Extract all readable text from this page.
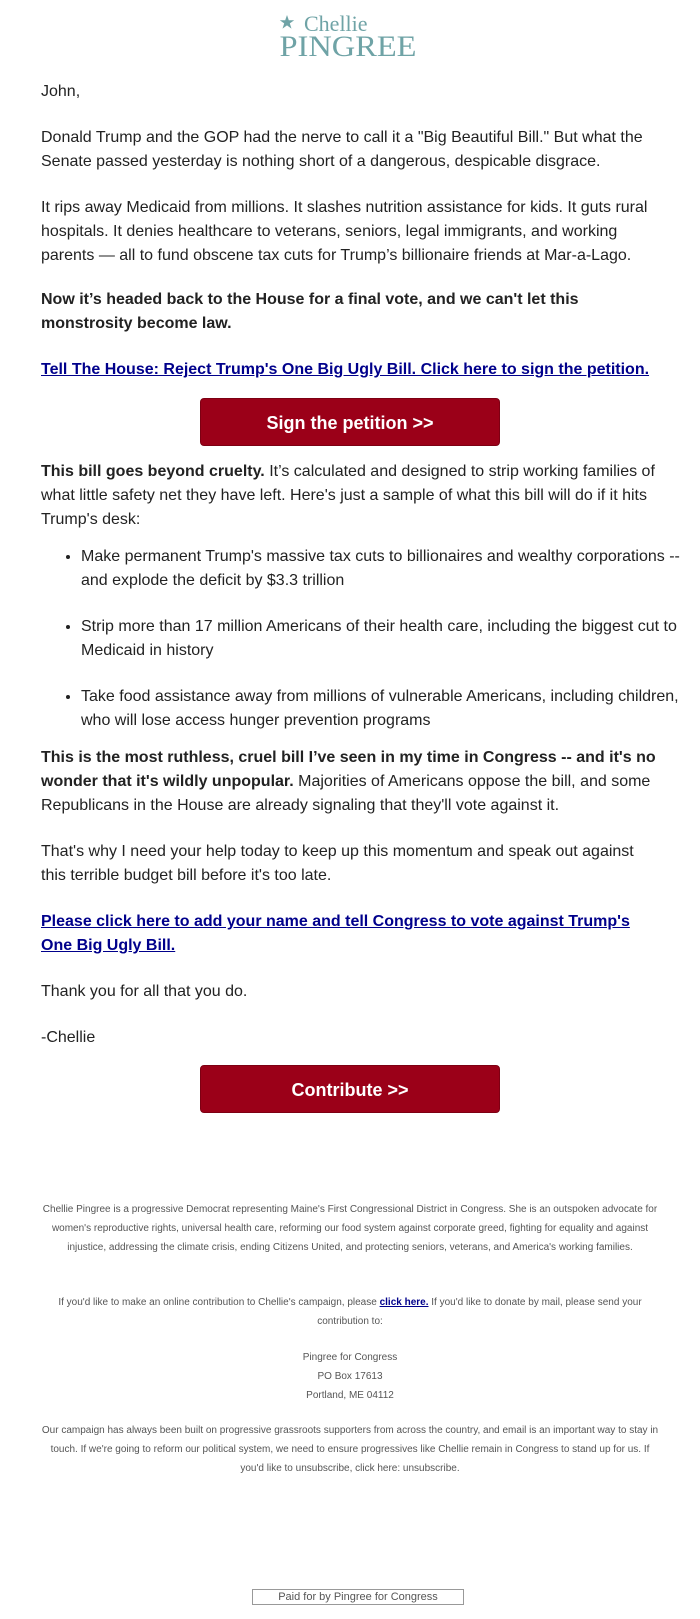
Chellie
PINGREE

John,

Donald Trump and the GOP had the nerve to call it a "Big Beautiful Bill." But what the Senate passed yesterday is nothing short of a dangerous, despicable disgrace.

It rips away Medicaid from millions. It slashes nutrition assistance for kids. It guts rural hospitals. It denies healthcare to veterans, seniors, legal immigrants, and working parents — all to fund obscene tax cuts for Trump’s billionaire friends at Mar-a-Lago.

Now it’s headed back to the House for a final vote, and we can't let this monstrosity become law.

Tell The House: Reject Trump's One Big Ugly Bill. Click here to sign the petition.
Sign the petition >>

This bill goes beyond cruelty. It’s calculated and designed to strip working families of what little safety net they have left. Here's just a sample of what this bill will do if it hits Trump's desk:

• Make permanent Trump's massive tax cuts to billionaires and wealthy corporations -- and explode the deficit by $3.3 trillion
• Strip more than 17 million Americans of their health care, including the biggest cut to Medicaid in history
• Take food assistance away from millions of vulnerable Americans, including children, who will lose access hunger prevention programs

This is the most ruthless, cruel bill I’ve seen in my time in Congress -- and it's no wonder that it's wildly unpopular. Majorities of Americans oppose the bill, and some Republicans in the House are already signaling that they'll vote against it.

That's why I need your help today to keep up this momentum and speak out against this terrible budget bill before it's too late.

Please click here to add your name and tell Congress to vote against Trump's One Big Ugly Bill.

Thank you for all that you do.

-Chellie

Contribute >>

Chellie Pingree is a progressive Democrat representing Maine's First Congressional District in Congress. She is an outspoken advocate for women's reproductive rights, universal health care, reforming our food system against corporate greed, fighting for equality and against injustice, addressing the climate crisis, ending Citizens United, and protecting seniors, veterans, and America's working families.

If you'd like to make an online contribution to Chellie's campaign, please click here. If you'd like to donate by mail, please send your contribution to:

Pingree for Congress

PO Box 17613

Portland, ME 04112

Our campaign has always been built on progressive grassroots supporters from across the country, and email is an important way to stay in touch. If we're going to reform our political system, we need to ensure progressives like Chellie remain in Congress to stand up for us. If you'd like to unsubscribe, click here: unsubscribe.

Paid for by Pingree for Congress
